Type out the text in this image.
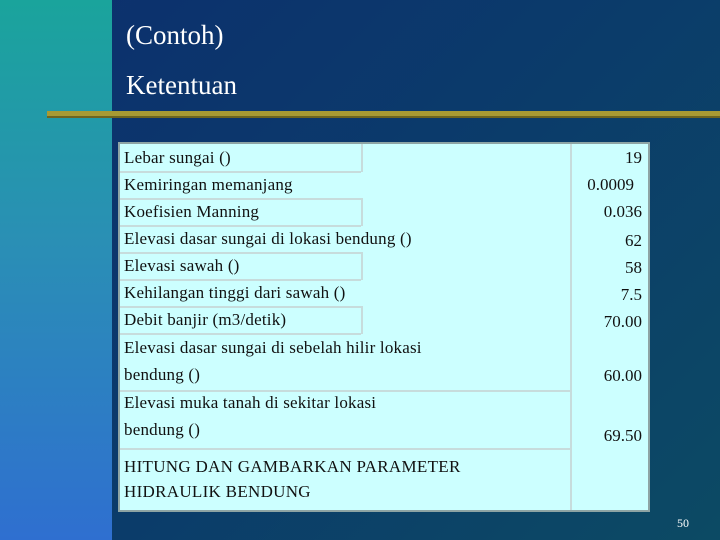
(Contoh)
Ketentuan
Lebar sungai ()	19
Kemiringan memanjang	0.0009
Koefisien Manning	0.036
Elevasi dasar sungai di lokasi bendung ()	62
Elevasi sawah ()	58
Kehilangan tinggi dari sawah ()	7.5
Debit banjir (m3/detik)	70.00
Elevasi dasar sungai di sebelah hilir lokasi
bendung ()	60.00
Elevasi muka tanah di sekitar lokasi
bendung ()	69.50
HITUNG DAN GAMBARKAN PARAMETER
HIDRAULIK BENDUNG
50
